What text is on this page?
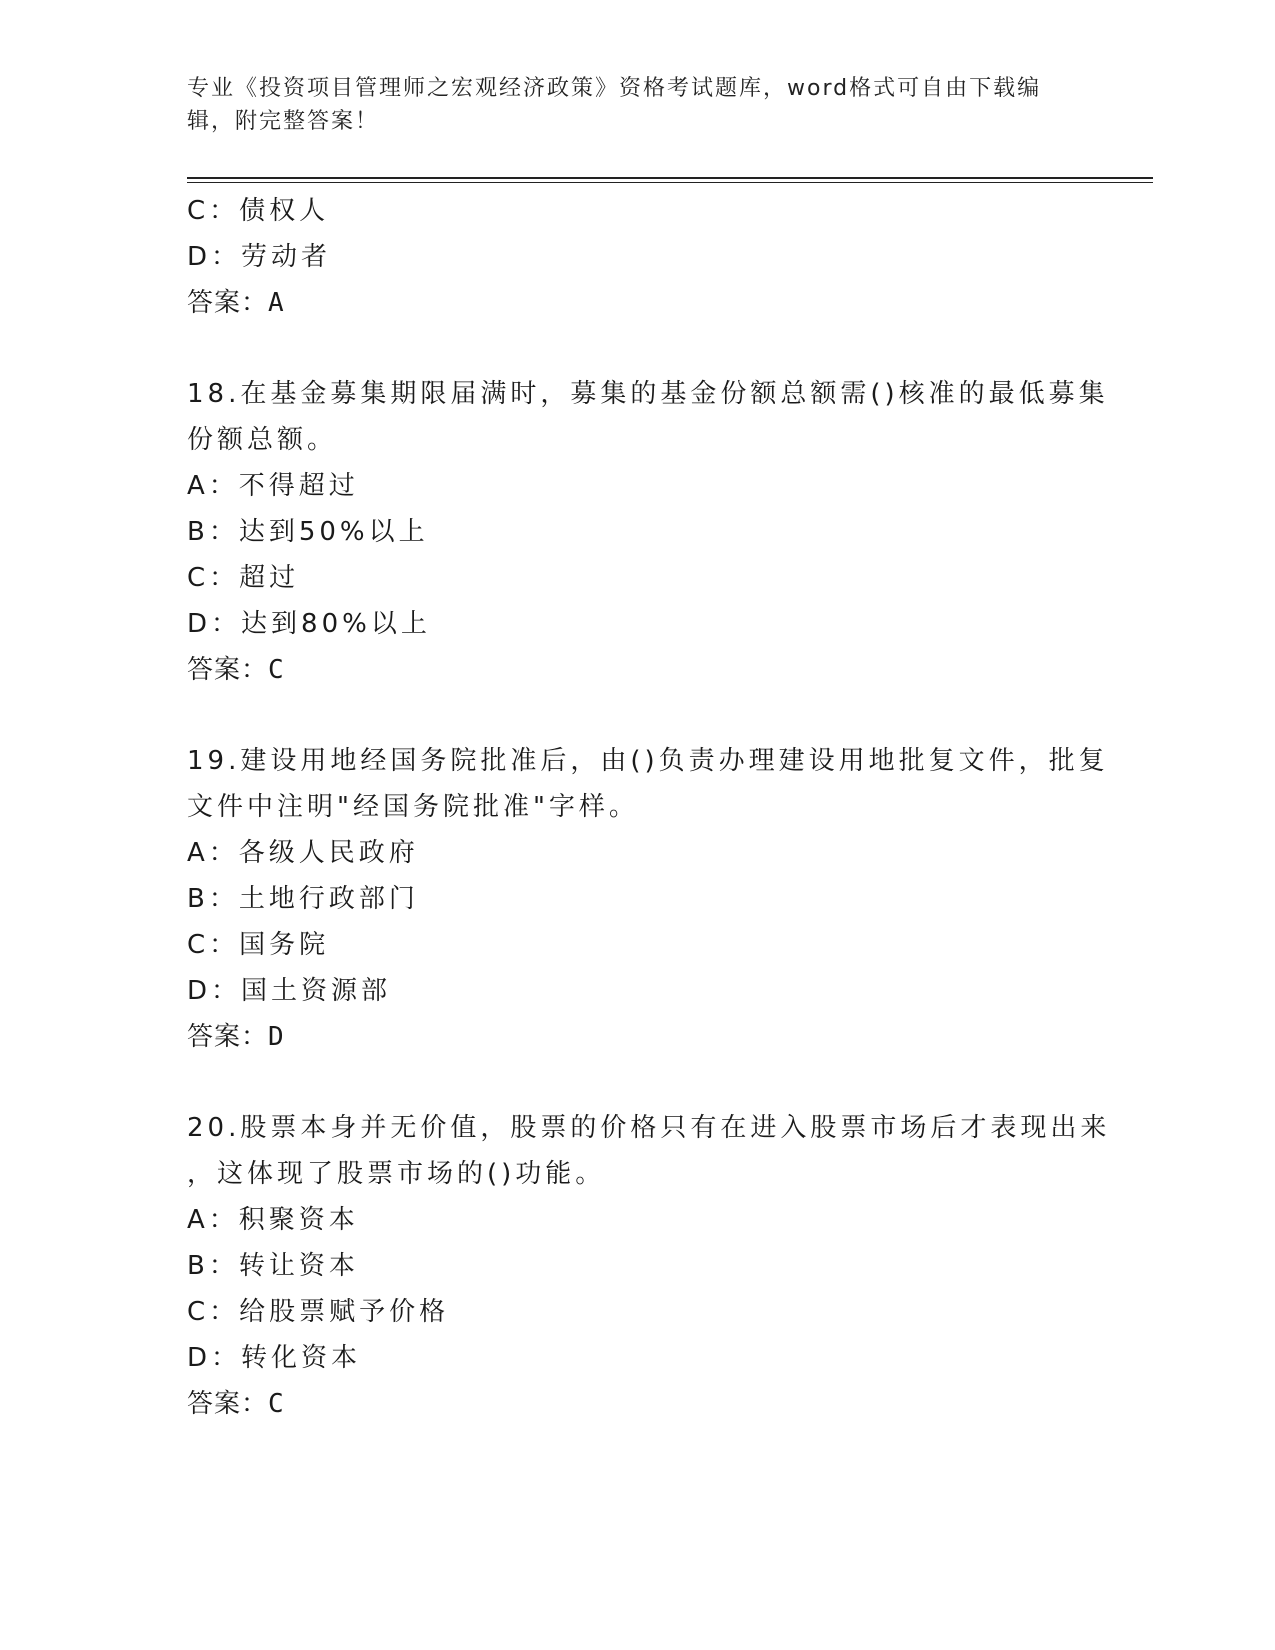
专业《投资项目管理师之宏观经济政策》资格考试题库，word格式可自由下载编辑，附完整答案！
C：债权人
D：劳动者
答案：A
18.在基金募集期限届满时，募集的基金份额总额需()核准的最低募集
份额总额。
A：不得超过
B：达到50%以上
C：超过
D：达到80%以上
答案：C
19.建设用地经国务院批准后，由()负责办理建设用地批复文件，批复
文件中注明"经国务院批准"字样。
A：各级人民政府
B：土地行政部门
C：国务院
D：国土资源部
答案：D
20.股票本身并无价值，股票的价格只有在进入股票市场后才表现出来
，这体现了股票市场的()功能。
A：积聚资本
B：转让资本
C：给股票赋予价格
D：转化资本
答案：C
